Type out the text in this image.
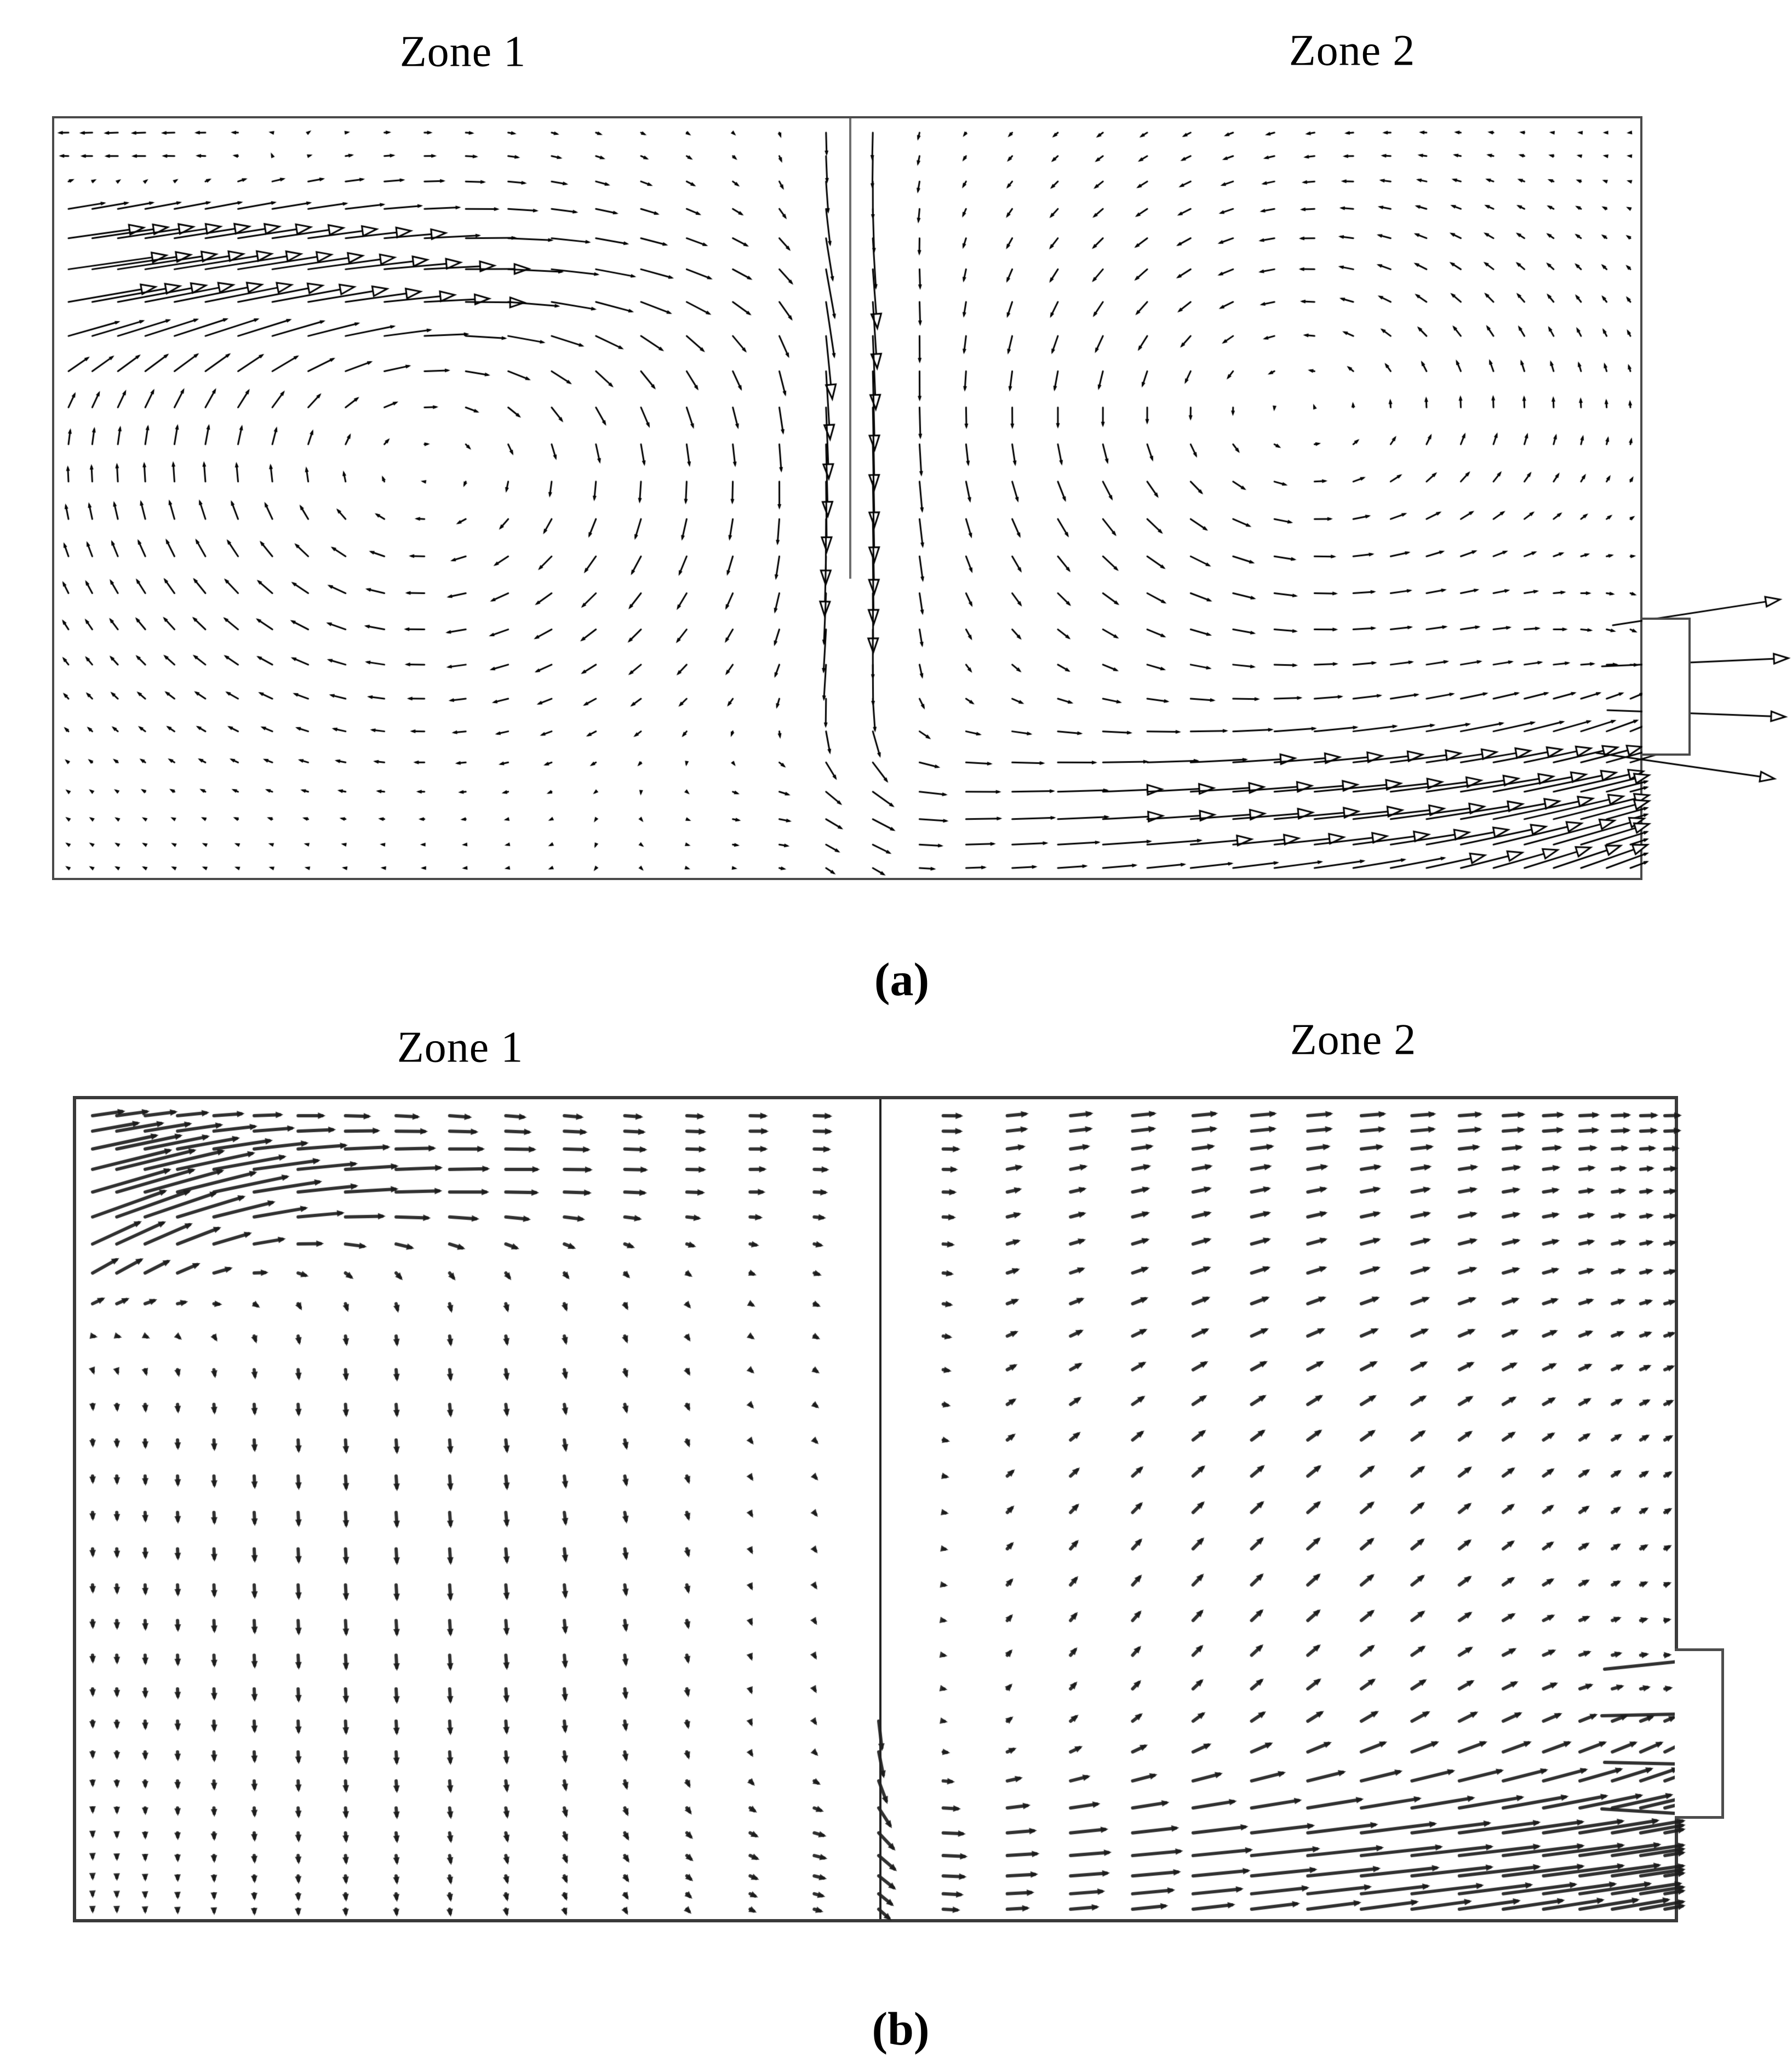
Zone 1	Zone 2
(a)
Zone 1	Zone 2
(b)
